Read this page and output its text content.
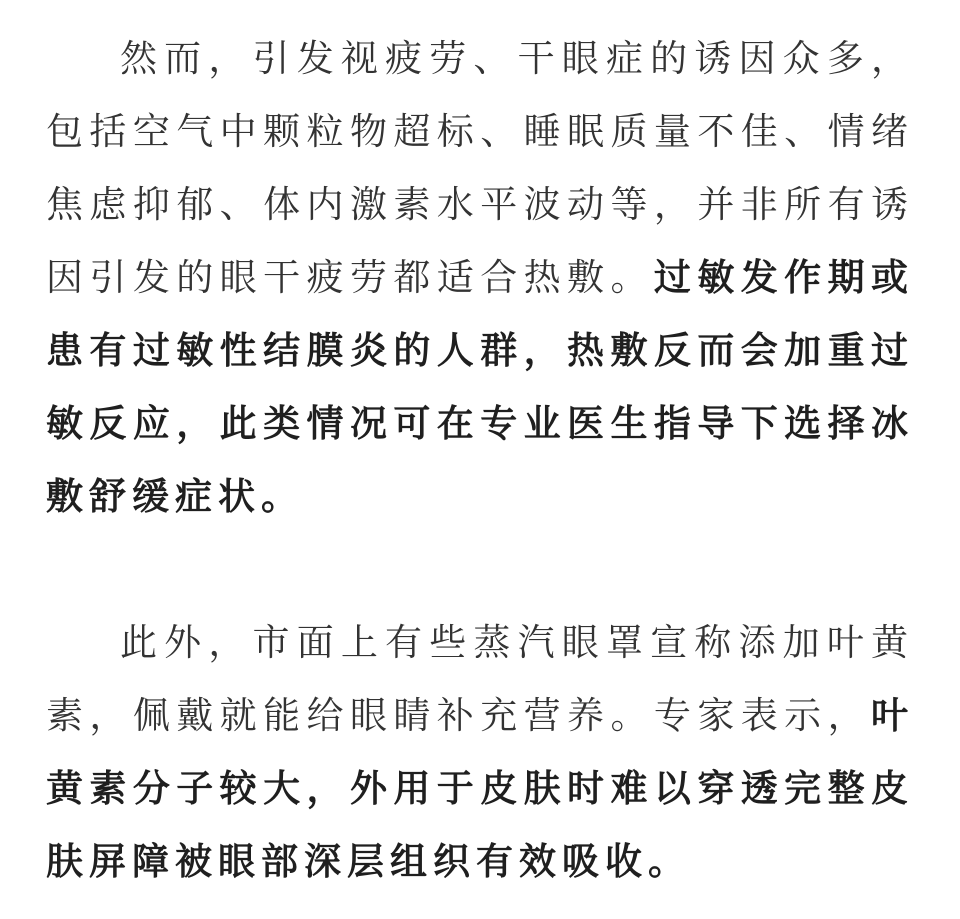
然而，引发视疲劳、干眼症的诱因众多，包括空气中颗粒物超标、睡眠质量不佳、情绪焦虑抑郁、体内激素水平波动等，并非所有诱因引发的眼干疲劳都适合热敷。过敏发作期或患有过敏性结膜炎的人群，热敷反而会加重过敏反应，此类情况可在专业医生指导下选择冰敷舒缓症状。

此外，市面上有些蒸汽眼罩宣称添加叶黄素，佩戴就能给眼睛补充营养。专家表示，叶黄素分子较大，外用于皮肤时难以穿透完整皮肤屏障被眼部深层组织有效吸收。
